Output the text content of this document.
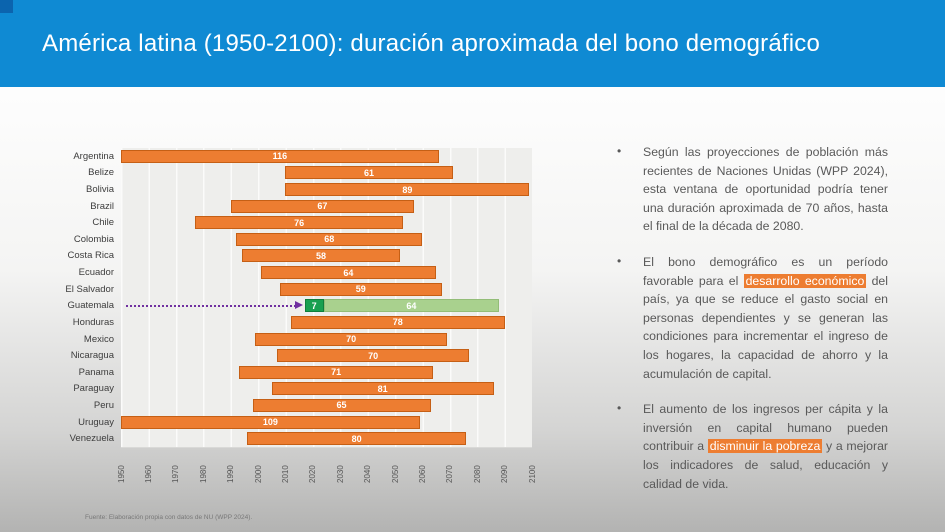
América latina (1950-2100): duración aproximada del bono demográfico
Argentina	116
Belize	61
Bolivia	89
Brazil	67
Chile	76
Colombia	68
Costa Rica	58
Ecuador	64
El Salvador	59
Guatemala	7	64
Honduras	78
Mexico	70
Nicaragua	70
Panama	71
Paraguay	81
Peru	65
Uruguay	109
Venezuela	80
1950 1960 1970 1980 1990 2000 2010 2020 2030 2040 2050 2060 2070 2080 2090 2100
•	Según las proyecciones de población más recientes de Naciones Unidas (WPP 2024), esta ventana de oportunidad podría tener una duración aproximada de 70 años, hasta el final de la década de 2080.
•	El bono demográfico es un período favorable para el desarrollo económico del país, ya que se reduce el gasto social en personas dependientes y se generan las condiciones para incrementar el ingreso de los hogares, la capacidad de ahorro y la acumulación de capital.
•	El aumento de los ingresos per cápita y la inversión en capital humano pueden contribuir a disminuir la pobreza y a mejorar los indicadores de salud, educación y calidad de vida.
Fuente: Elaboración propia con datos de NU (WPP 2024).
